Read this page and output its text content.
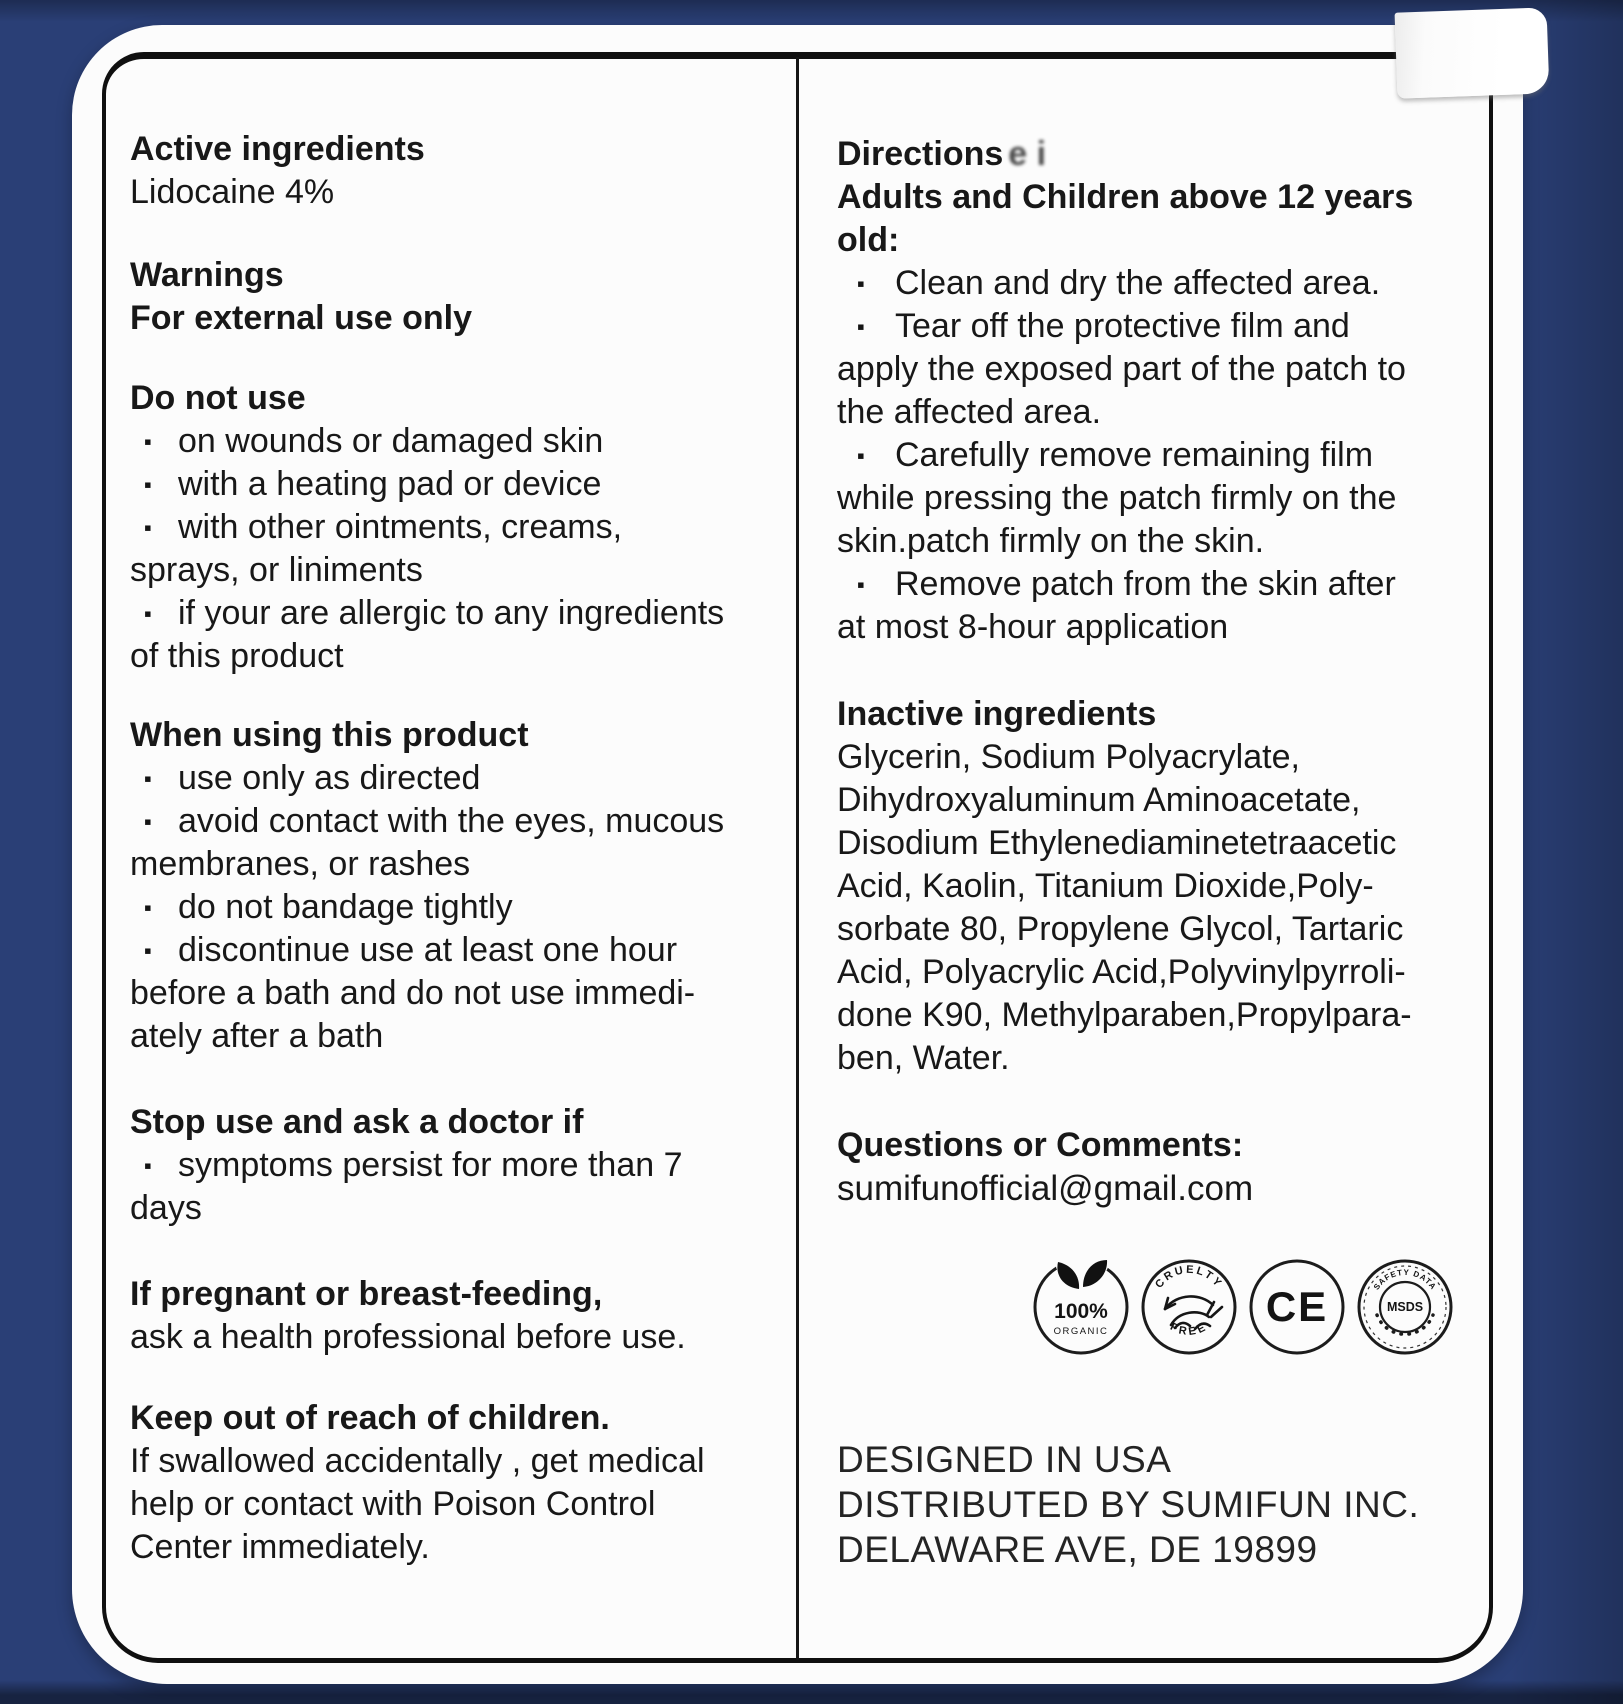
Active ingredients
Lidocaine 4%
Warnings
For external use only
Do not use
▪ on wounds or damaged skin
▪ with a heating pad or device
▪ with other ointments, creams,
sprays, or liniments
▪ if your are allergic to any ingredients
of this product
When using this product
▪ use only as directed
▪ avoid contact with the eyes, mucous
membranes, or rashes
▪ do not bandage tightly
▪ discontinue use at least one hour
before a bath and do not use immedi-
ately after a bath
Stop use and ask a doctor if
▪ symptoms persist for more than 7
days
If pregnant or breast-feeding,
ask a health professional before use.
Keep out of reach of children.
If swallowed accidentally , get medical
help or contact with Poison Control
Center immediately.
Directions e i
Adults and Children above 12 years
old:
▪ Clean and dry the affected area.
▪ Tear off the protective film and
apply the exposed part of the patch to
the affected area.
▪ Carefully remove remaining film
while pressing the patch firmly on the
skin.patch firmly on the skin.
▪ Remove patch from the skin after
at most 8-hour application
Inactive ingredients
Glycerin, Sodium Polyacrylate,
Dihydroxyaluminum Aminoacetate,
Disodium Ethylenediaminetetraacetic
Acid, Kaolin, Titanium Dioxide,Poly-
sorbate 80, Propylene Glycol, Tartaric
Acid, Polyacrylic Acid,Polyvinylpyrroli-
done K90, Methylparaben,Propylpara-
ben, Water.
Questions or Comments:
sumifunofficial@gmail.com
100%
ORGANIC
CRUELTY
FREE CE	SAFETY DATA
MSDS
DESIGNED IN USA
DISTRIBUTED BY SUMIFUN INC.
DELAWARE AVE, DE 19899
